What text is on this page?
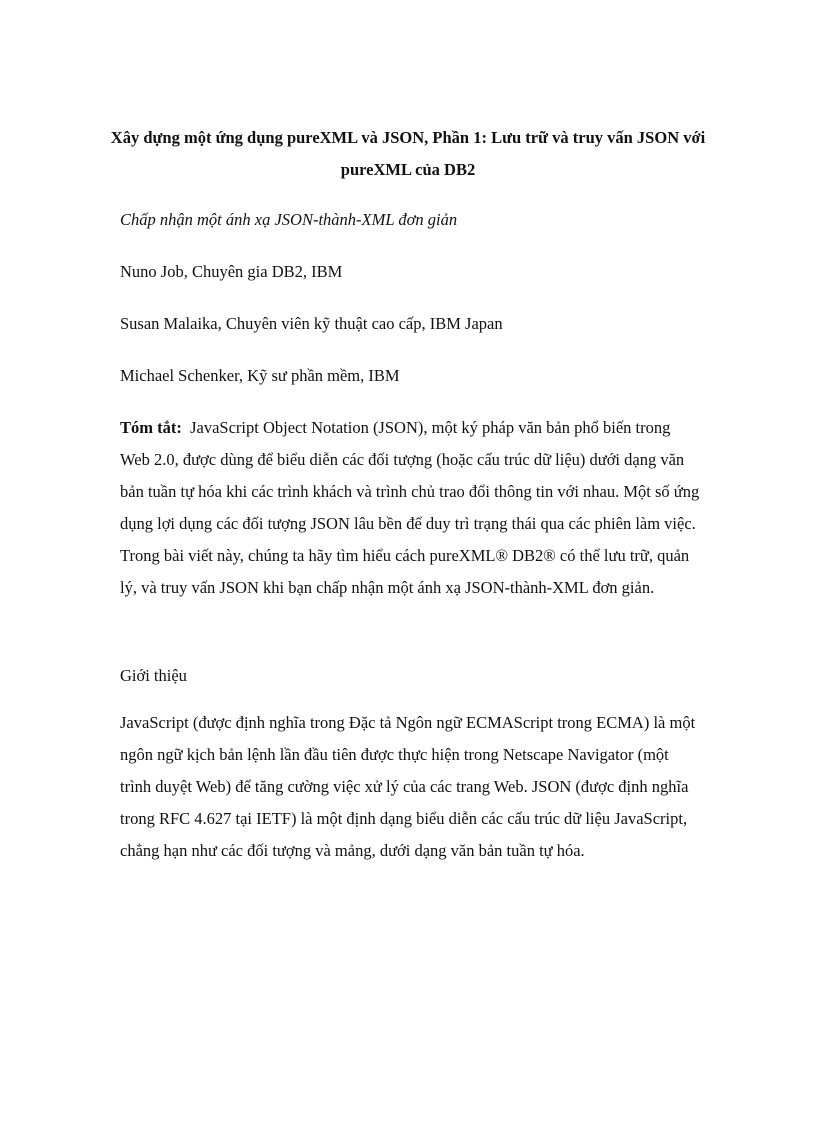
Xây dựng một ứng dụng pureXML và JSON, Phần 1: Lưu trữ và truy vấn JSON với pureXML của DB2

Chấp nhận một ánh xạ JSON-thành-XML đơn giản

Nuno Job, Chuyên gia DB2, IBM

Susan Malaika, Chuyên viên kỹ thuật cao cấp, IBM Japan

Michael Schenker, Kỹ sư phần mềm, IBM

Tóm tắt: JavaScript Object Notation (JSON), một ký pháp văn bản phổ biến trong Web 2.0, được dùng để biểu diễn các đối tượng (hoặc cấu trúc dữ liệu) dưới dạng văn bản tuần tự hóa khi các trình khách và trình chủ trao đổi thông tin với nhau. Một số ứng dụng lợi dụng các đối tượng JSON lâu bền để duy trì trạng thái qua các phiên làm việc. Trong bài viết này, chúng ta hãy tìm hiểu cách pureXML® DB2® có thể lưu trữ, quản lý, và truy vấn JSON khi bạn chấp nhận một ánh xạ JSON-thành-XML đơn giản.

Giới thiệu

JavaScript (được định nghĩa trong Đặc tả Ngôn ngữ ECMAScript trong ECMA) là một ngôn ngữ kịch bản lệnh lần đầu tiên được thực hiện trong Netscape Navigator (một trình duyệt Web) để tăng cường việc xử lý của các trang Web. JSON (được định nghĩa trong RFC 4.627 tại IETF) là một định dạng biểu diễn các cấu trúc dữ liệu JavaScript, chẳng hạn như các đối tượng và mảng, dưới dạng văn bản tuần tự hóa.
